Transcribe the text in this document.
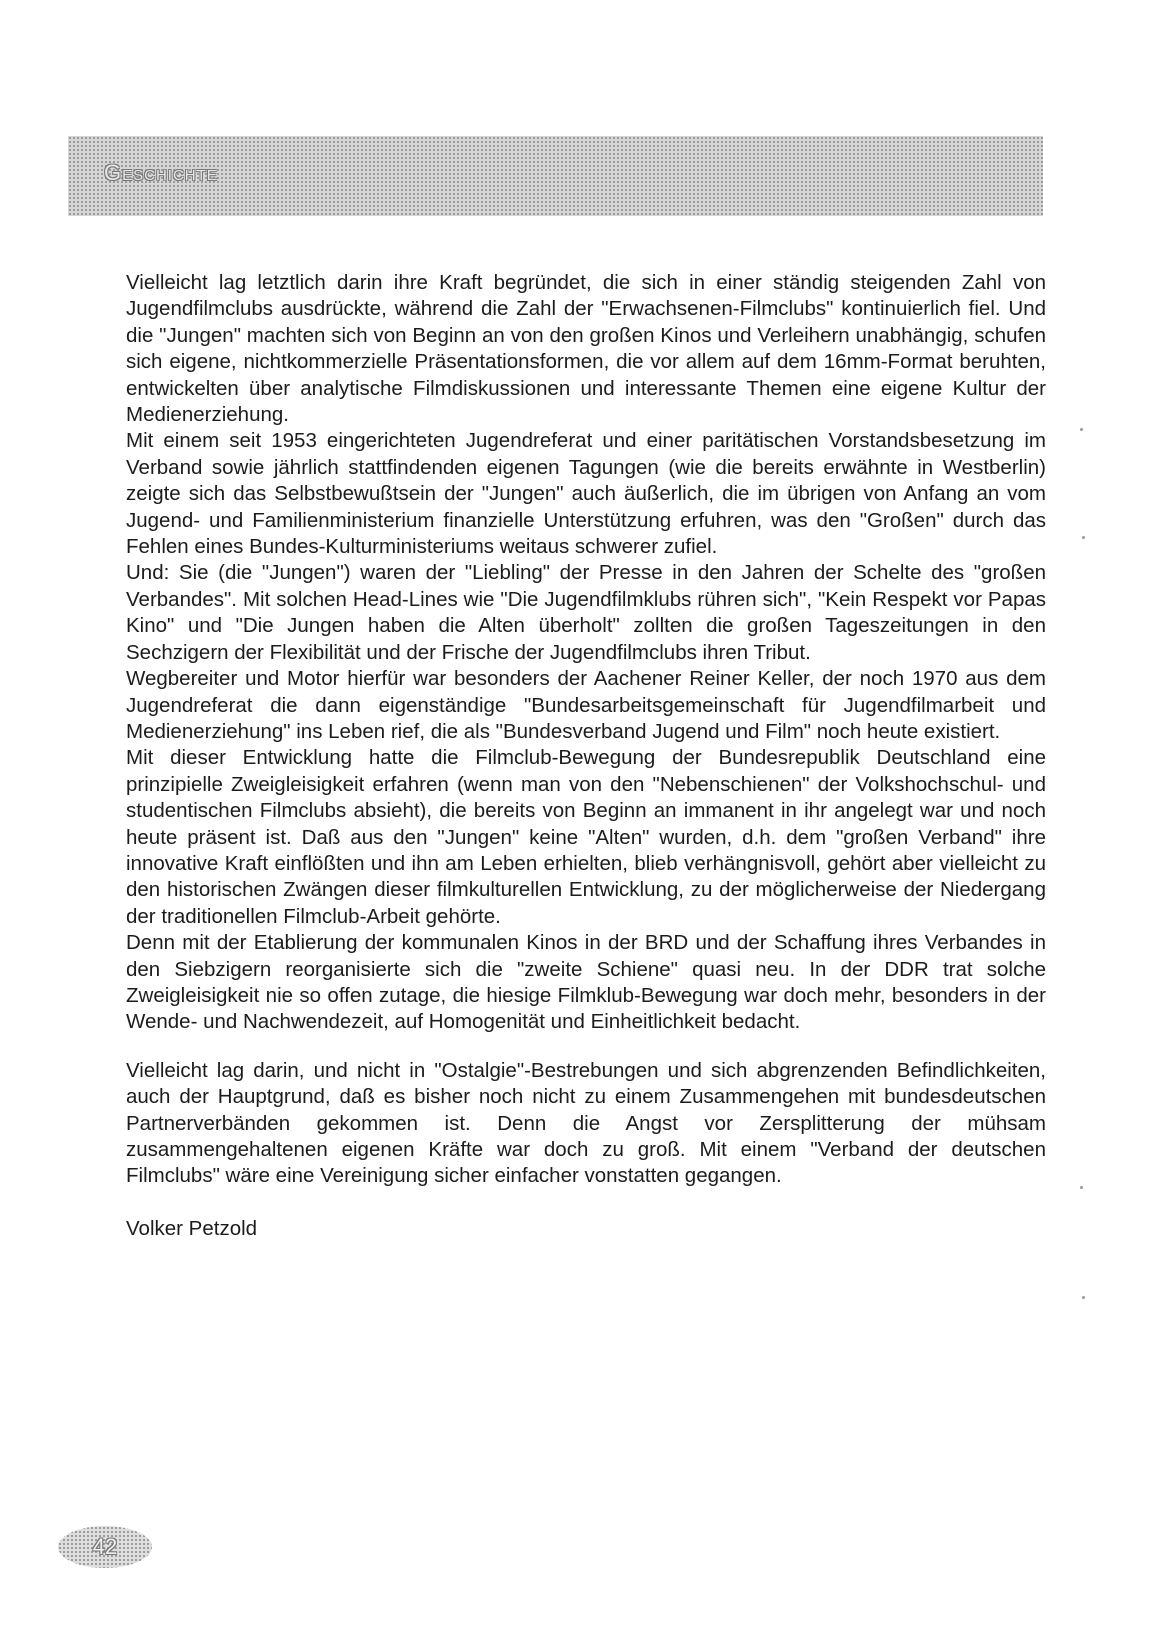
Geschichte

Vielleicht lag letztlich darin ihre Kraft begründet, die sich in einer ständig steigenden Zahl von Jugendfilmclubs ausdrückte, während die Zahl der "Erwachsenen-Filmclubs" kontinuierlich fiel. Und die "Jungen" machten sich von Beginn an von den großen Kinos und Verleihern unabhängig, schufen sich eigene, nichtkommerzielle Präsentationsformen, die vor allem auf dem 16mm-Format beruhten, entwickelten über analytische Filmdiskussionen und interessante Themen eine eigene Kultur der Medienerziehung.

Mit einem seit 1953 eingerichteten Jugendreferat und einer paritätischen Vorstandsbesetzung im Verband sowie jährlich stattfindenden eigenen Tagungen (wie die bereits erwähnte in Westberlin) zeigte sich das Selbstbewußtsein der "Jungen" auch äußerlich, die im übrigen von Anfang an vom Jugend- und Familienministerium finanzielle Unterstützung erfuhren, was den "Großen" durch das Fehlen eines Bundes-Kulturministeriums weitaus schwerer zufiel.

Und: Sie (die "Jungen") waren der "Liebling" der Presse in den Jahren der Schelte des "großen Verbandes". Mit solchen Head-Lines wie "Die Jugendfilmklubs rühren sich", "Kein Respekt vor Papas Kino" und "Die Jungen haben die Alten überholt" zollten die großen Tageszeitungen in den Sechzigern der Flexibilität und der Frische der Jugendfilmclubs ihren Tribut.

Wegbereiter und Motor hierfür war besonders der Aachener Reiner Keller, der noch 1970 aus dem Jugendreferat die dann eigenständige "Bundesarbeitsgemeinschaft für Jugendfilmarbeit und Medienerziehung" ins Leben rief, die als "Bundesverband Jugend und Film" noch heute existiert.

Mit dieser Entwicklung hatte die Filmclub-Bewegung der Bundesrepublik Deutschland eine prinzipielle Zweigleisigkeit erfahren (wenn man von den "Nebenschienen" der Volkshochschul- und studentischen Filmclubs absieht), die bereits von Beginn an immanent in ihr angelegt war und noch heute präsent ist. Daß aus den "Jungen" keine "Alten" wurden, d.h. dem "großen Verband" ihre innovative Kraft einflößten und ihn am Leben erhielten, blieb verhängnisvoll, gehört aber vielleicht zu den historischen Zwängen dieser filmkulturellen Entwicklung, zu der möglicherweise der Niedergang der traditionellen Filmclub-Arbeit gehörte.

Denn mit der Etablierung der kommunalen Kinos in der BRD und der Schaffung ihres Verbandes in den Siebzigern reorganisierte sich die "zweite Schiene" quasi neu. In der DDR trat solche Zweigleisigkeit nie so offen zutage, die hiesige Filmklub-Bewegung war doch mehr, besonders in der Wende- und Nachwendezeit, auf Homogenität und Einheitlichkeit bedacht.

Vielleicht lag darin, und nicht in "Ostalgie"-Bestrebungen und sich abgrenzenden Befindlichkeiten, auch der Hauptgrund, daß es bisher noch nicht zu einem Zusammengehen mit bundesdeutschen Partnerverbänden gekommen ist. Denn die Angst vor Zersplitterung der mühsam zusammengehaltenen eigenen Kräfte war doch zu groß. Mit einem "Verband der deutschen Filmclubs" wäre eine Vereinigung sicher einfacher vonstatten gegangen.

Volker Petzold

42
